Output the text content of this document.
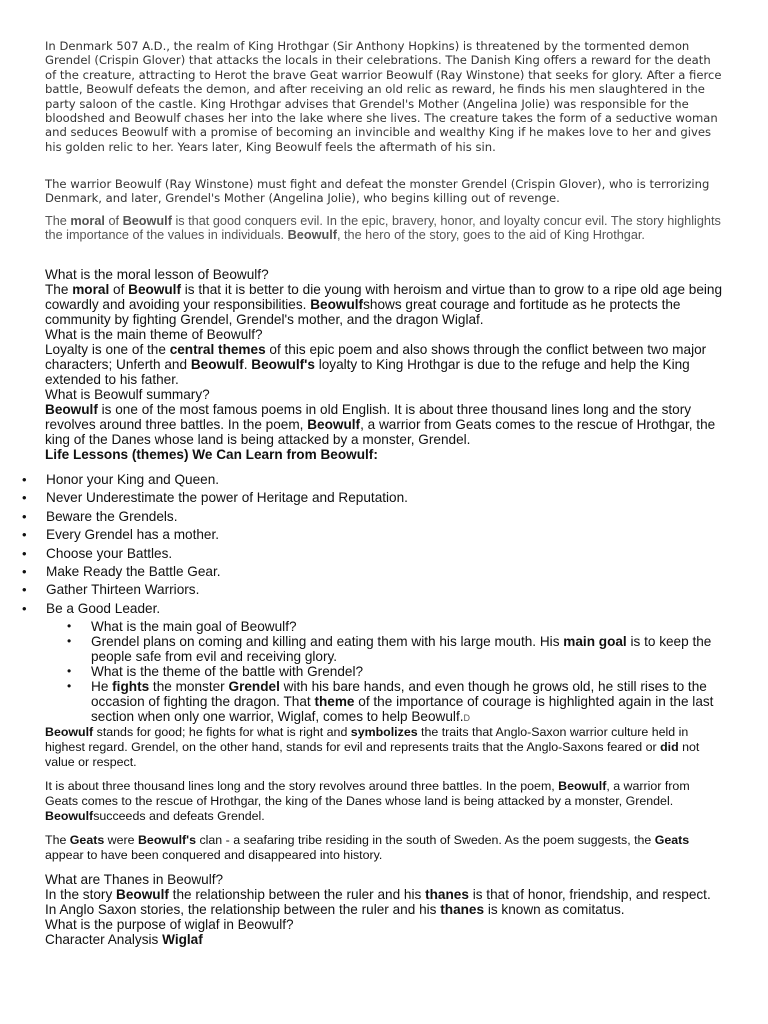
In Denmark 507 A.D., the realm of King Hrothgar (Sir Anthony Hopkins) is threatened by the tormented demon Grendel (Crispin Glover) that attacks the locals in their celebrations. The Danish King offers a reward for the death of the creature, attracting to Herot the brave Geat warrior Beowulf (Ray Winstone) that seeks for glory. After a fierce battle, Beowulf defeats the demon, and after receiving an old relic as reward, he finds his men slaughtered in the party saloon of the castle. King Hrothgar advises that Grendel's Mother (Angelina Jolie) was responsible for the bloodshed and Beowulf chases her into the lake where she lives. The creature takes the form of a seductive woman and seduces Beowulf with a promise of becoming an invincible and wealthy King if he makes love to her and gives his golden relic to her. Years later, King Beowulf feels the aftermath of his sin.

The warrior Beowulf (Ray Winstone) must fight and defeat the monster Grendel (Crispin Glover), who is terrorizing Denmark, and later, Grendel's Mother (Angelina Jolie), who begins killing out of revenge.

The moral of Beowulf is that good conquers evil. In the epic, bravery, honor, and loyalty concur evil. The story highlights the importance of the values in individuals. Beowulf, the hero of the story, goes to the aid of King Hrothgar.

What is the moral lesson of Beowulf?
The moral of Beowulf is that it is better to die young with heroism and virtue than to grow to a ripe old age being cowardly and avoiding your responsibilities. Beowulfshows great courage and fortitude as he protects the community by fighting Grendel, Grendel's mother, and the dragon Wiglaf.
What is the main theme of Beowulf?
Loyalty is one of the central themes of this epic poem and also shows through the conflict between two major characters; Unferth and Beowulf. Beowulf's loyalty to King Hrothgar is due to the refuge and help the King extended to his father.
What is Beowulf summary?
Beowulf is one of the most famous poems in old English. It is about three thousand lines long and the story revolves around three battles. In the poem, Beowulf, a warrior from Geats comes to the rescue of Hrothgar, the king of the Danes whose land is being attacked by a monster, Grendel.
Life Lessons (themes) We Can Learn from Beowulf:
• Honor your King and Queen.
• Never Underestimate the power of Heritage and Reputation.
• Beware the Grendels.
• Every Grendel has a mother.
• Choose your Battles.
• Make Ready the Battle Gear.
• Gather Thirteen Warriors.
• Be a Good Leader.
• What is the main goal of Beowulf?
• Grendel plans on coming and killing and eating them with his large mouth. His main goal is to keep the people safe from evil and receiving glory.
• What is the theme of the battle with Grendel?
• He fights the monster Grendel with his bare hands, and even though he grows old, he still rises to the occasion of fighting the dragon. That theme of the importance of courage is highlighted again in the last section when only one warrior, Wiglaf, comes to help Beowulf.D

Beowulf stands for good; he fights for what is right and symbolizes the traits that Anglo-Saxon warrior culture held in highest regard. Grendel, on the other hand, stands for evil and represents traits that the Anglo-Saxons feared or did not value or respect.

It is about three thousand lines long and the story revolves around three battles. In the poem, Beowulf, a warrior from Geats comes to the rescue of Hrothgar, the king of the Danes whose land is being attacked by a monster, Grendel. Beowulfsucceeds and defeats Grendel.

The Geats were Beowulf's clan - a seafaring tribe residing in the south of Sweden. As the poem suggests, the Geats appear to have been conquered and disappeared into history.

What are Thanes in Beowulf?
In the story Beowulf the relationship between the ruler and his thanes is that of honor, friendship, and respect. In Anglo Saxon stories, the relationship between the ruler and his thanes is known as comitatus.
What is the purpose of wiglaf in Beowulf?
Character Analysis Wiglaf
